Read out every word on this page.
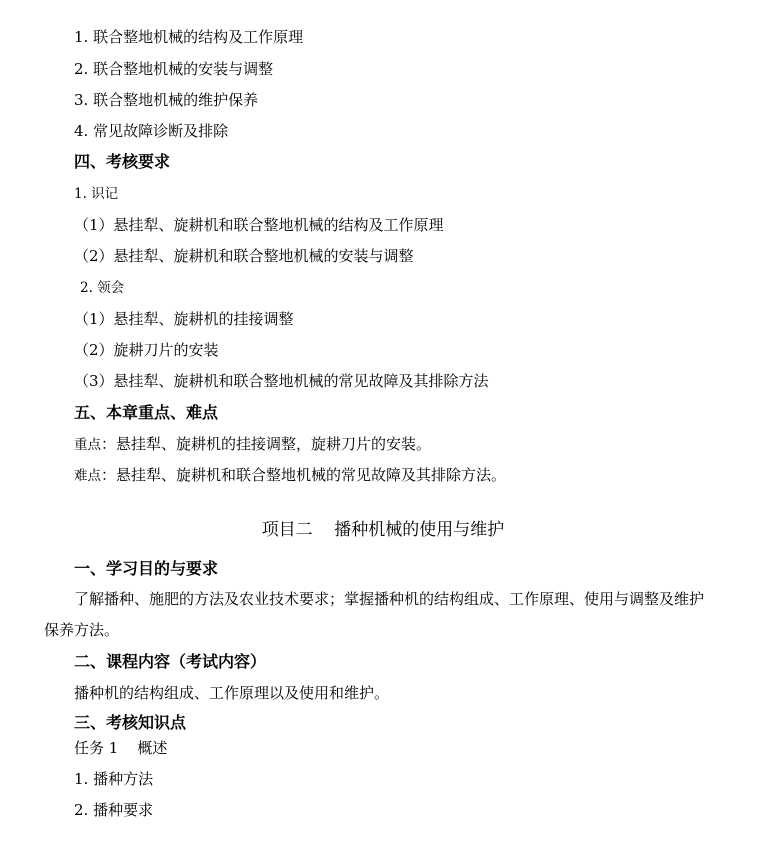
1. 联合整地机械的结构及工作原理
2. 联合整地机械的安装与调整
3. 联合整地机械的维护保养
4. 常见故障诊断及排除
四、考核要求
1. 识记
（1）悬挂犁、旋耕机和联合整地机械的结构及工作原理
（2）悬挂犁、旋耕机和联合整地机械的安装与调整
2. 领会
（1）悬挂犁、旋耕机的挂接调整
（2）旋耕刀片的安装
（3）悬挂犁、旋耕机和联合整地机械的常见故障及其排除方法
五、本章重点、难点
重点：悬挂犁、旋耕机的挂接调整，旋耕刀片的安装。
难点：悬挂犁、旋耕机和联合整地机械的常见故障及其排除方法。
项目二    播种机械的使用与维护
一、学习目的与要求
了解播种、施肥的方法及农业技术要求；掌握播种机的结构组成、工作原理、使用与调整及维护
保养方法。
二、课程内容（考试内容）
播种机的结构组成、工作原理以及使用和维护。
三、考核知识点
任务 1    概述
1. 播种方法
2. 播种要求
